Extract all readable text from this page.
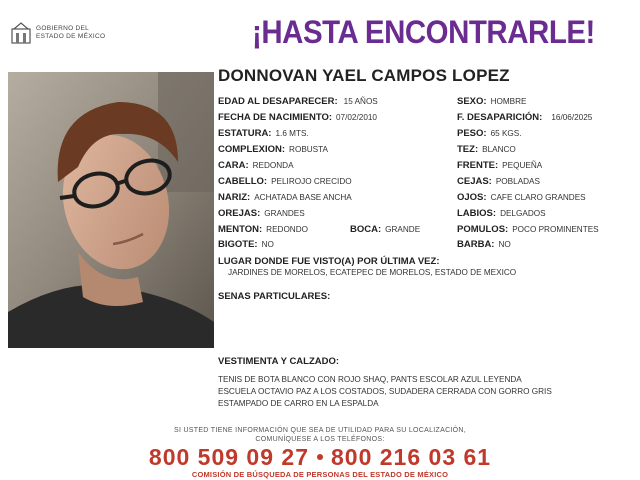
GOBIERNO DEL
ESTADO DE MÉXICO	¡HASTA ENCONTRARLE!
DONNOVAN YAEL CAMPOS LOPEZ
EDAD AL DESAPARECER: 15 AÑOS
FECHA DE NACIMIENTO: 07/02/2010
ESTATURA: 1.6 MTS.
COMPLEXION: ROBUSTA
CARA: REDONDA
CABELLO: PELIROJO CRECIDO
NARIZ: ACHATADA BASE ANCHA
OREJAS: GRANDES
MENTON: REDONDO	BOCA: GRANDE
BIGOTE: NO
SEXO: HOMBRE
F. DESAPARICIÓN: 16/06/2025
PESO: 65 KGS.
TEZ: BLANCO
FRENTE: PEQUEÑA
CEJAS: POBLADAS
OJOS: CAFE CLARO GRANDES
LABIOS: DELGADOS
POMULOS: POCO PROMINENTES
BARBA: NO
LUGAR DONDE FUE VISTO(A) POR ÚLTIMA VEZ:
JARDINES DE MORELOS, ECATEPEC DE MORELOS, ESTADO DE MEXICO
SENAS PARTICULARES:
VESTIMENTA Y CALZADO:
TENIS DE BOTA BLANCO CON ROJO SHAQ, PANTS ESCOLAR AZUL LEYENDA
ESCUELA OCTAVIO PAZ A LOS COSTADOS, SUDADERA CERRADA CON GORRO GRIS
ESTAMPADO DE CARRO EN LA ESPALDA
SI USTED TIENE INFORMACIÓN QUE SEA DE UTILIDAD PARA SU LOCALIZACIÓN,
COMUNÍQUESE A LOS TELÉFONOS:
800 509 09 27 800 216 03 61
COMISIÓN DE BÚSQUEDA DE PERSONAS DEL ESTADO DE MÉXICO
